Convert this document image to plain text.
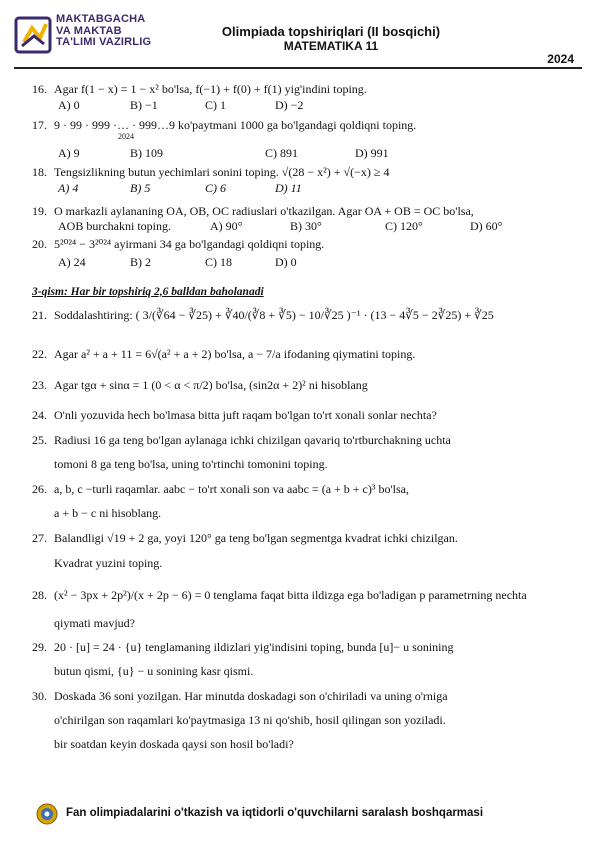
MAKTABGACHA
VA MAKTAB
TA'LIMI VAZIRLIG
Olimpiada topshiriqlari (II bosqichi)
MATEMATIKA 11
2024
16. Agar f(1 − x) = 1 − x² bo'lsa, f(−1) + f(0) + f(1) yig'indini toping.
A) 0	B) −1	C) 1	D) −2
17. 9 · 99 · 999 ·… · 999…9 ko'paytmani 1000 ga bo'lgandagi qoldiqni toping.
2024
A) 9	B) 109	C) 891	D) 991
18. Tengsizlikning butun yechimlari sonini toping. √(28 − x²) + √(−x) ≥ 4
A) 4	B) 5	C) 6	D) 11
19. O markazli aylananing OA, OB, OC radiuslari o'tkazilgan. Agar OA + OB = OC bo'lsa,
AOB burchakni toping.	A) 90°	B) 30°	C) 120°	D) 60°
20. 5²⁰²⁴ − 3²⁰²⁴ ayirmani 34 ga bo'lgandagi qoldiqni toping.
A) 24	B) 2	C) 18	D) 0
3-qism: Har bir topshiriq 2,6 balldan baholanadi
21. Soddalashtiring: ( 3/(∛64 − ∛25) + ∛40/(∛8 + ∛5) − 10/∛25 )⁻¹ · (13 − 4∛5 − 2∛25) + ∛25
22. Agar a² + a + 11 = 6√(a² + a + 2) bo'lsa, a − 7/a ifodaning qiymatini toping.
23. Agar tgα + sinα = 1 (0 < α < π/2) bo'lsa, (sin2α + 2)² ni hisoblang
24. O'nli yozuvida hech bo'lmasa bitta juft raqam bo'lgan to'rt xonali sonlar nechta?
25. Radiusi 16 ga teng bo'lgan aylanaga ichki chizilgan qavariq to'rtburchakning uchta
tomoni 8 ga teng bo'lsa, uning to'rtinchi tomonini toping.
26. a, b, c −turli raqamlar. aabc − to'rt xonali son va aabc = (a + b + c)³ bo'lsa,
a + b − c ni hisoblang.
27. Balandligi √19 + 2 ga, yoyi 120° ga teng bo'lgan segmentga kvadrat ichki chizilgan.
Kvadrat yuzini toping.
28. (x² − 3px + 2p²)/(x + 2p − 6) = 0 tenglama faqat bitta ildizga ega bo'ladigan p parametrning nechta
qiymati mavjud?
29. 20 · [u] = 24 · {u} tenglamaning ildizlari yig'indisini toping, bunda [u]− u sonining
butun qismi, {u} − u sonining kasr qismi.
30. Doskada 36 soni yozilgan. Har minutda doskadagi son o'chiriladi va uning o'rniga
o'chirilgan son raqamlari ko'paytmasiga 13 ni qo'shib, hosil qilingan son yoziladi.
bir soatdan keyin doskada qaysi son hosil bo'ladi?
Fan olimpiadalarini o'tkazish va iqtidorli o'quvchilarni saralash boshqarmasi
